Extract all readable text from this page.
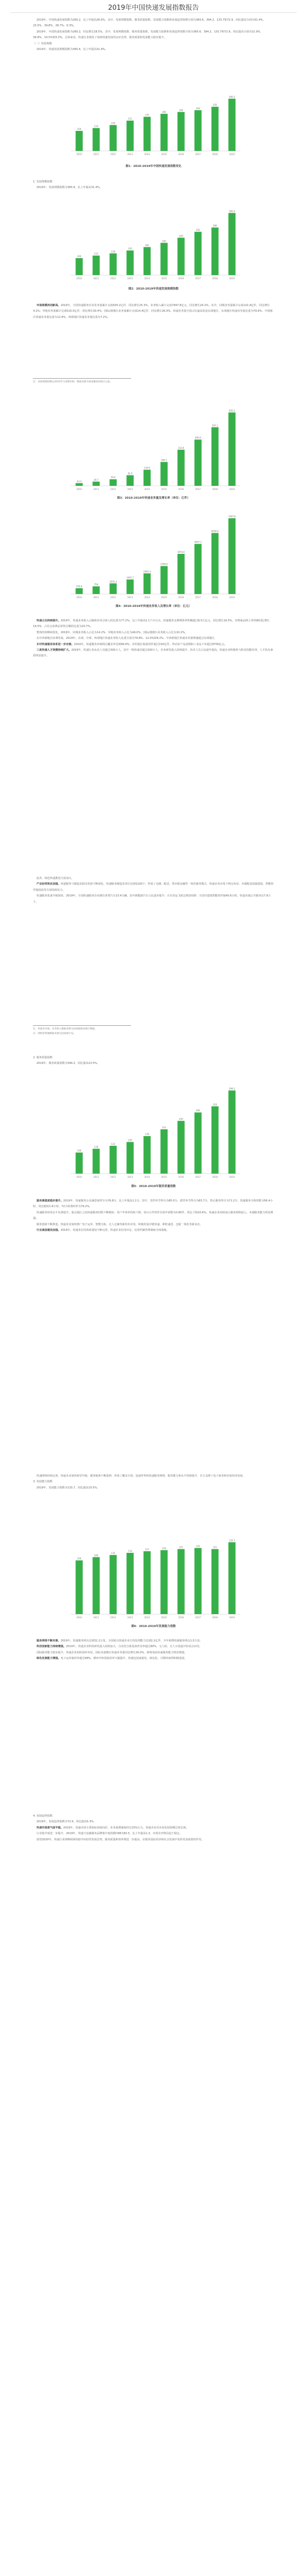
2019年中国快递发展指数报告
2019年，中国快递发展指数为260.2，比上年提高26.6%，其中，发展规模指数、服务质量指数、发展能力指数和发展趋势指数分别为365.6、394.2、133.7和72.9，同比提高分别为31.4%、23.5%、39.8%、28.7%、6.3%。
2019年，中国快递发展指数为260.2，同比增长18.5%。其中，发展规模指数、服务质量指数、发展能力指数和发展趋势指数分别为365.6、394.2、133.7和72.9，同比提高分别为21.9%、39.8%、10.5%和5.3%。总体来看，快递行业保持了持续快速发展的良好态势，服务质量和发展能力稳步提升。
（一）发展规模
2019年，快递发展规模指数为365.6，比上年提高31.4%。
100
2010
114
2011
129
2012
151
2013
170
2014
185
2015
194
2016
203
2017
220
2018
260.2
2019
图1：2010-2019年中国快递发展指数变化
1. 发展规模指数
2019年，发展规模指数为365.6，比上年提高31.4%。
100
2010
115
2011
128
2012
145
2013
165
2014
190
2015
220
2016
255
2017
280
2018
365.6
2019
图2：2010-2019年快递发展规模指数
市场规模再创新高。2019年，全国快递服务企业业务量累计完成635.2亿件，同比增长25.3%，业务收入累计完成7497.8亿元，同比增长24.2%。其中，同城业务量累计完成110.4亿件，同比增长4.2%；异地业务量累计完成510.5亿件，同比增长30.4%；国际/港澳台业务量累计完成14.4亿件，同比增长26.0%。快递业务量全国占比最高的是东部地区，东部地区快递业务量比重为79.9%，中部地区快递业务量比重为12.9%，西部地区快递业务量比重为7.2%。
注：发展规模指数以2010年为基期100，数据来源为国家邮政局统计公报。
23.4
2010
36.7
2011
56.9
2012
91.9
2013
139.6
2014
206.7
2015
312.8
2016
400.6
2017
507.1
2018
635.2
2019
图3：2010-2019年快递业务量及增长率（单位：亿件）
574.6
2010
758
2011
1055.3
2012
1441.7
2013
2045.4
2014
2769.6
2015
3974.4
2016
4957.1
2017
6038.4
2018
7497.8
2019
图4：2010-2019年快递业务收入及增长率（单位：亿元）
快递占比持续提升。2019年，快递业务收入占邮政业务总收入的比重为77.2%，比上年提高1.1个百分点。快递服务支撑网络零售额超过8.5万亿元，同比增长16.5%，实物商品网上零售额同比增长19.5%，占社会消费品零售总额的比重为20.7%。
整体结构继续优化。2019年，同城业务收入占比为14.2%，异地业务收入占比为49.0%，国际/港澳台业务收入占比为10.2%。
东中西部地区协调发展。2019年，东部、中部、西部地区快递业务收入比重分别为79.8%、12.0%和8.2%，中西部地区快递业务量增速超过东部地区。
乡村快递服务体系进一步完善。2019年，快递服务乡镇网点覆盖率达到96.6%，农村地区收投快件超过150亿件，带动农产品进城和工业品下乡超过8700亿元。
三是快递人才规模持续扩大。2019年，快递行业从业人员超过300万人，其中一线快递员超过200万人，企业研发投入持续提升，技术人员占比逐年提高。快递企业积极参与职业技能培训，人才队伍素质明显提升。
此外，绿色快递推进力度加大。
产业协同效应加强。快递服务与制造业联动发展不断深化，快递服务制造业项目达到1100个，形成了仓储、配送、供应链金融等一体化服务模式。快递企业在线下网点布局、末端配送设施建设、智能快件箱投放等方面持续发力。
快递服务装备升级加快。2019年，全国快递服务企业拥有各类汽车23.4万辆，其中新能源汽车占比逐步提升；自有货运飞机达到103架；全国共建成智能快件箱40.6万组，快递末端公共服务站7.8万个。
注：快递业务量、业务收入数据来源为国家邮政局统计数据。
注：网络零售额数据来源为国家统计局。
2. 服务质量指数
2019年，服务质量指数为394.2，同比提高23.5%。
100
2010
118
2011
132
2012
150
2013
178
2014
210
2015
250
2016
290
2017
319
2018
394.2
2019
图5：2010-2019年服务质量指数
服务满意度稳步提升。2019年，快递服务公众满意度得分为76.8分，比上年提高1.1分。其中，寄件环节得分为85.0分，派件环节得分为83.7分，售后服务得分为71.2分。快递服务全程时限为56.4小时，同比缩短1.8小时，72小时准时率为79.2%。
快递服务时效水平显著提升。重点地区之间快递服务时限不断缩短，用户申诉率持续下降，每百万件快件有效申诉数为0.85件，同比下降20.6%。快递企业持续加大服务网络投入，末端服务能力明显增强。
服务创新不断推进。快递企业加快推广电子运单、智能分拣、无人仓储等新技术应用，积极发展冷链快递、即时递送、仓配一体化等新业态。
行业诚信建设加强。2019年，快递业信用体系建设不断完善，快递企业信用评定、信用档案管理制度全面落地。
快递网络持续完善。快递企业加快转型升级，服务链条不断延伸，形成了覆盖全国、连通世界的快递服务网络，服务能力和水平持续提升，有力支撑了电子商务和实体经济发展。
3. 发展能力指数
2019年，发展能力指数为133.7，同比提高10.5%。
100
2010
106
2011
110
2012
114
2013
117
2014
119
2015
121
2016
123
2017
121
2018
133.7
2019
图6：2010-2019年发展能力指数
服务网络不断完善。2019年，快递服务网点达到31.2万处，全国重点快递企业日均处理能力达到2.2亿件，全年新增快递服务网点1.5万处。
科技创新能力持续增强。2019年，快递企业科技研发投入持续加大，自动化分拣设备普及率超过80%，无人机、无人车投递开始试点应用。
国际服务能力稳步提升。快递企业加快海外布局，国际及港澳台快递业务量同比增长26.0%，跨境电商寄递服务能力明显增强。
绿色发展能力增强。电子运单使用率超过98%，循环中转袋使用率大幅提升，快递包装减量化、绿色化、可循环取得积极进展。
4. 发展趋势指数
2019年，发展趋势指数为72.9，同比提高5.3%。
快递市场景气度平稳。2019年，快递市场主要指标持续向好，业务量增速保持在25%左右，快递企业对未来发展预期总体乐观。
行业集中度进一步提升。2019年，快递与包裹服务品牌集中度指数CR8为82.5，比上年提高1.3，市场竞争格局趋于稳定。
展望2020年，快递行业将继续保持稳中向好的发展态势，服务质量和效率将进一步提高，在服务国民经济和社会发展中发挥更加重要的作用。
